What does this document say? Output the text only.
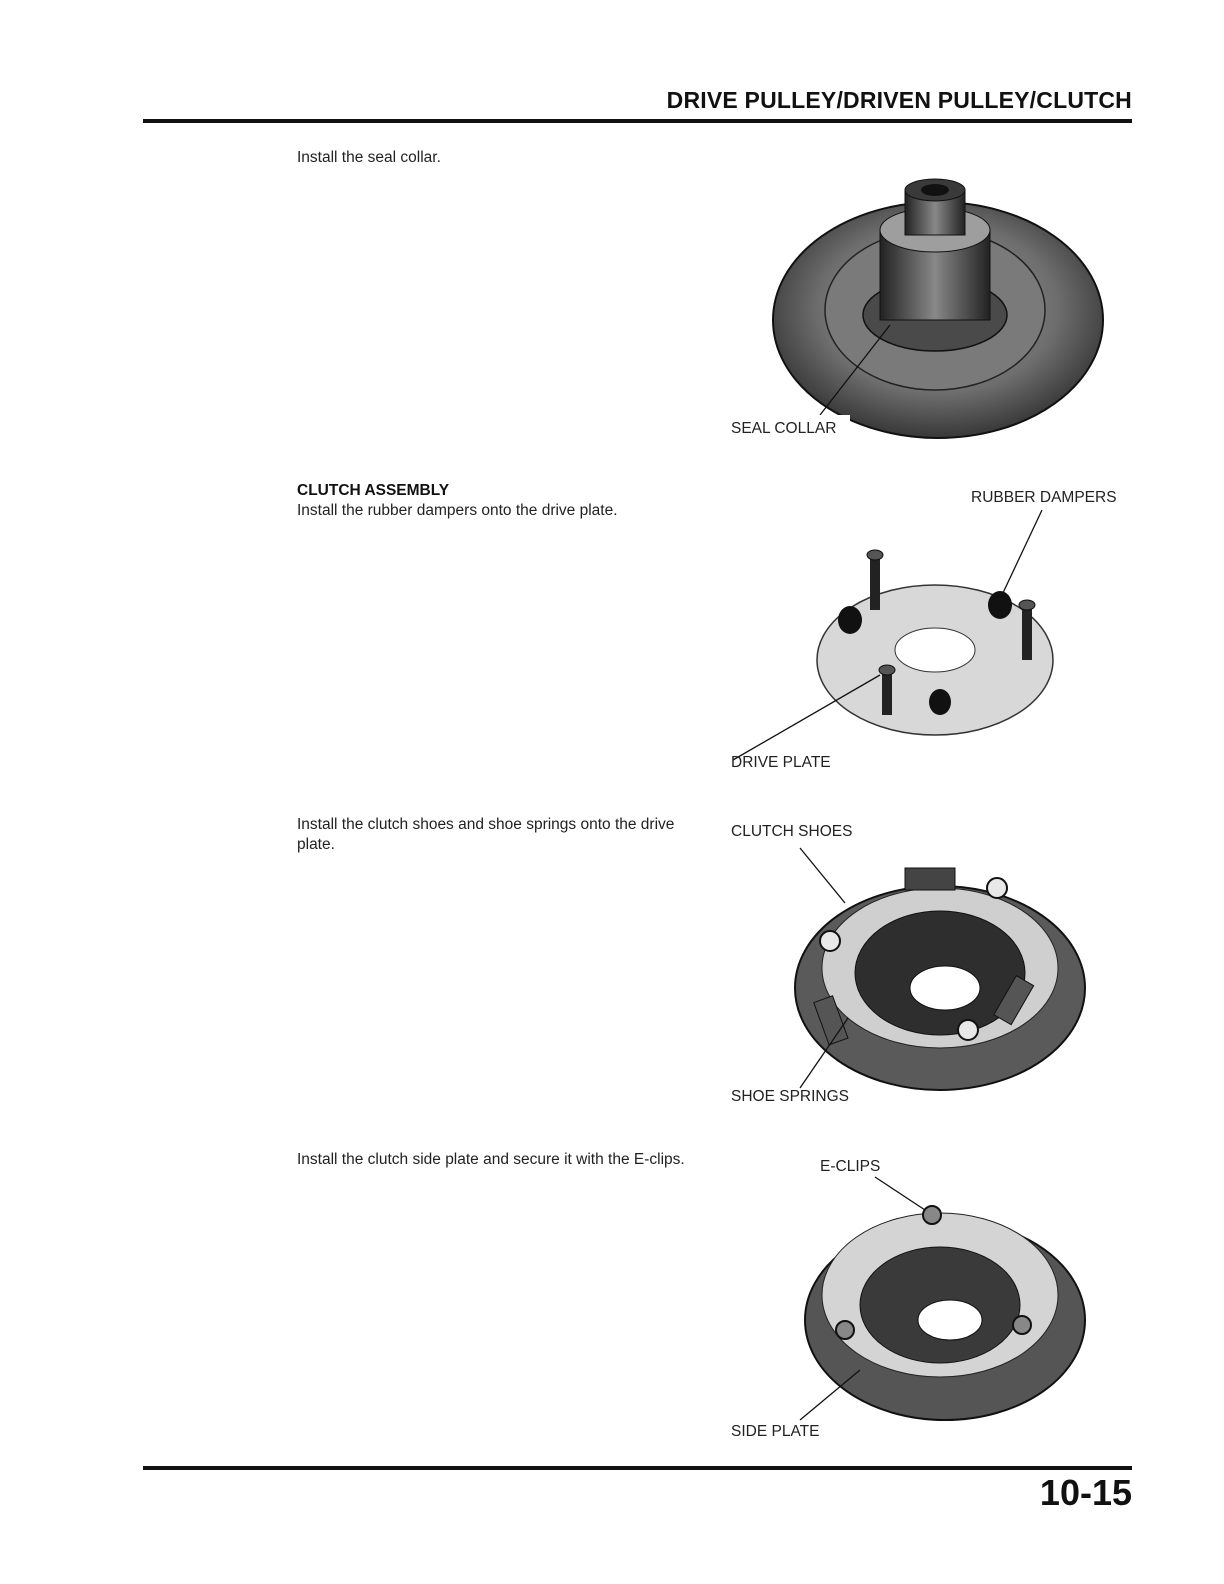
DRIVE PULLEY/DRIVEN PULLEY/CLUTCH
Install the seal collar.
SEAL COLLAR
CLUTCH ASSEMBLY
Install the rubber dampers onto the drive plate.
RUBBER DAMPERS
DRIVE PLATE
Install the clutch shoes and shoe springs onto the drive plate.
CLUTCH SHOES
SHOE SPRINGS
Install the clutch side plate and secure it with the E-clips.	E-CLIPS
SIDE PLATE
10-15
